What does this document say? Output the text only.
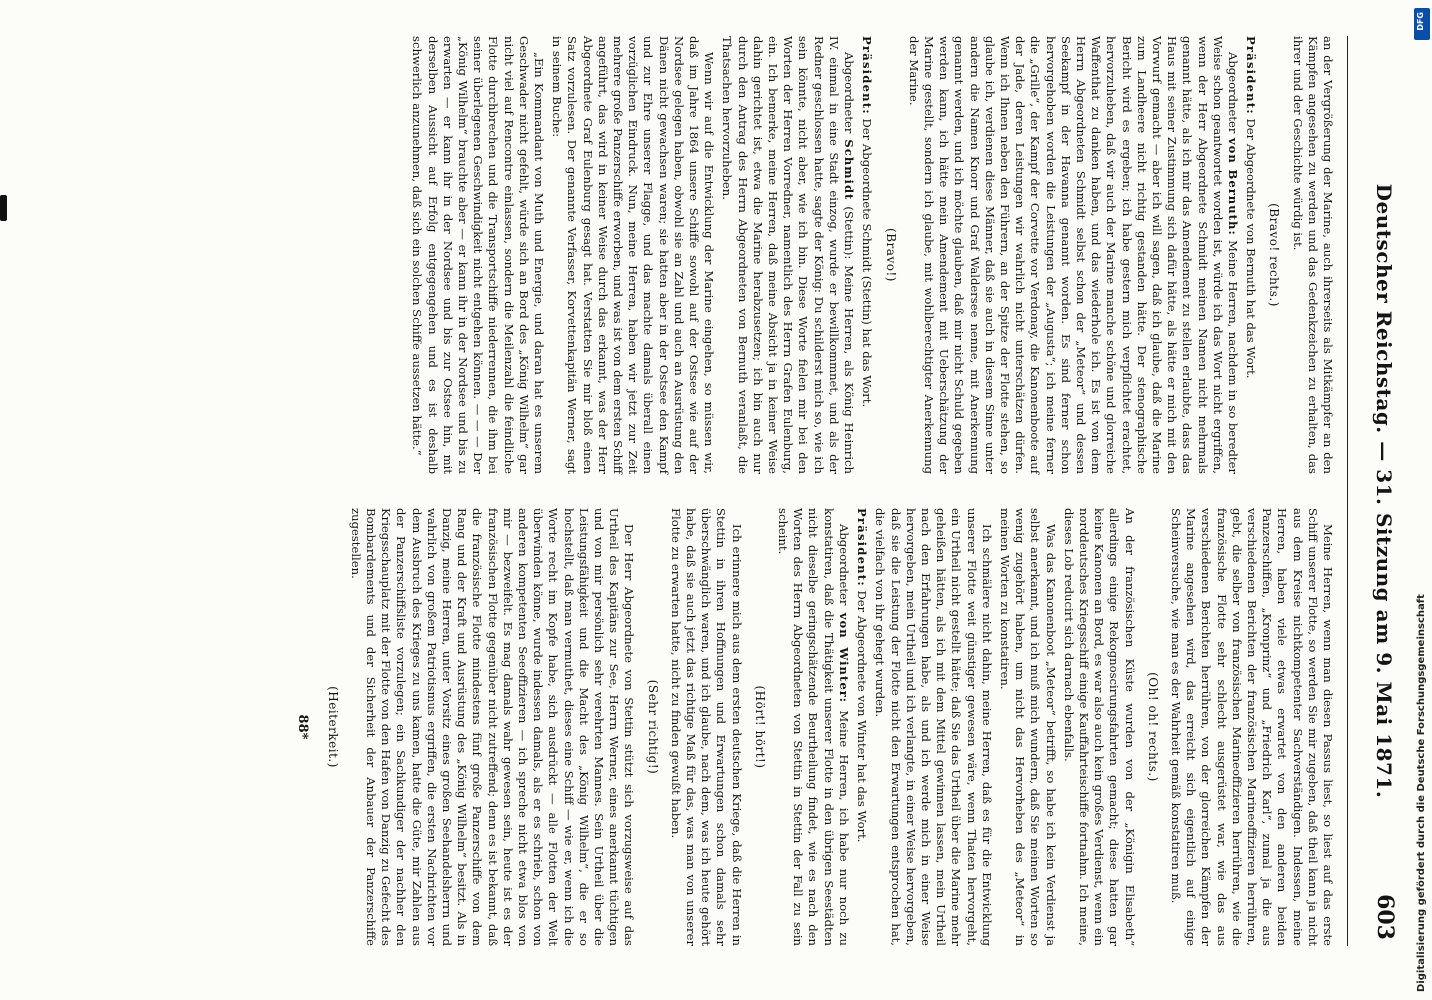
Deutscher Reichstag. — 31. Sitzung am 9. Mai 1871.
603

an der Vergrößerung der Marine, auch ihrerseits als Mitkämpfer an den Kämpfen angesehen zu werden und das Gedenkzeichen zu erhalten, das ihrer und der Geschichte würdig ist.

(Bravo! rechts.)

Präsident: Der Abgeordnete von Bernuth hat das Wort.

Abgeordneter von Bernuth: Meine Herren, nachdem in so beredter Weise schon geantwortet worden ist, würde ich das Wort nicht ergriffen, wenn der Herr Abgeordnete Schmidt meinen Namen nicht mehrmals genannt hätte, als ich mir das Amendement zu stellen erlaubte, dass das Haus mit seiner Zustimmung sich dafür hätte, als hätte er mich mit den Vorwurf gemacht — aber ich will sagen, daß ich glaube, daß die Marine zum Landheere nicht richtig gestanden hätte. Der stenographische Bericht wird es ergeben; ich habe gestern mich verpflichtet erachtet, hervorzuheben, daß wir auch der Marine manche schöne und glorreiche Waffenthat zu danken haben, und das wiederhole ich. Es ist von dem Herrn Abgeordneten Schmidt selbst schon der „Meteor“ und dessen Seekampf in der Havanna genannt worden. Es sind ferner schon hervorgehoben worden die Leistungen der „Augusta“; ich meine ferner die „Grille“, der Kampf der Corvette vor Verdonay, die Kanonenboote auf der Jade, deren Leistungen wir wahrlich nicht unterschätzen dürfen. Wenn ich Ihnen neben den Führern, an der Spitze der Flotte stehen, so glaube ich, verdienen diese Männer, daß sie auch in diesem Sinne unter andern die Namen Knorr und Graf Waldersee nenne, mit Anerkennung genannt werden, und ich möchte glauben, daß mir nicht Schuld gegeben werden kann, ich hätte mein Amendement mit Ueberschätzung der Marine gestellt, sondern ich glaube, mit wohlberechtigter Anerkennung der Marine.

(Bravo!)

Präsident: Der Abgeordnete Schmidt (Stettin) hat das Wort.

Abgeordneter Schmidt (Stettin): Meine Herren, als König Heinrich IV. einmal in eine Stadt einzog, wurde er bewillkommnet, und als der Redner geschlossen hatte, sagte der König: Du schilderst mich so, wie ich sein könnte, nicht aber, wie ich bin. Diese Worte fielen mir bei den Worten der Herren Vorredner, namentlich des Herrn Grafen Eulenburg, ein. Ich bemerke, meine Herren, daß meine Absicht ja in keiner Weise dahin gerichtet ist, etwa die Marine herabzusetzen; ich bin auch nur durch den Antrag des Herrn Abgeordneten von Bernuth veranlaßt, die Thatsachen hervorzuheben.

Wenn wir auf die Entwicklung der Marine eingehen, so müssen wir, daß im Jahre 1864 unsere Schiffe sowohl auf der Ostsee wie auf der Nordsee gelegen haben, obwohl sie an Zahl und auch an Ausrüstung den Dänen nicht gewachsen waren; sie hatten aber in der Ostsee den Kampf und zur Ehre unserer Flagge, und das machte damals überall einen vorzüglichen Eindruck. Nun, meine Herren, haben wir jetzt zur Zeit mehrere große Panzerschiffe erworben, und was ist von dem ersten Schiff angeführt, das wird in keiner Weise durch das erkannt, was der Herr Abgeordnete Graf Eulenburg gesagt hat. Verstatten Sie mir bloß einen Satz vorzulesen. Der genannte Verfasser, Korvettenkapitän Werner, sagt in seinem Buche:

„Ein Kommandant von Muth und Energie, und daran hat es unserem Geschwader nicht gefehlt, würde sich an Bord des „König Wilhelm“ gar nicht viel auf Rencontre einlassen, sondern die Meilenzahl die feindliche Flotte durchbrechen und die Transportschiffe niederrennen, die ihm bei seiner überlegenen Geschwindigkeit nicht entgehen können. — — — Der „König Wilhelm“ brauchte aber — er kann ihr in der Nordsee und bis zu erwarten — er kann ihr in der Nordsee und bis zur Ostsee hin, mit derselben Aussicht auf Erfolg entgegengehen und es ist deshalb schwerlich anzunehmen, daß sich ein solchen Schiffe aussetzen hätte.“

Meine Herren, wenn man diesen Passus liest, so liest auf das erste Schiff unserer Flotte, so werden Sie mir zugeben, daß theil kann ja nicht aus dem Kreise nichtkompetenter Sachverständigen. Indessen, meine Herren, haben viele etwas erwartet von den anderen beiden Panzerschiffen, „Kronprinz“ und „Friedrich Karl“, zumal ja die aus verschiedenen Berichten der französischen Marineoffizieren herrühren, gebt, die selber von französischen Marineoffizieren herrühren, wie die französische Flotte sehr schlecht ausgerüstet war, wie das aus verschiedenen Berichten herrühren, von der glorreichen Kämpfen der Marine angesehen wird, das erreicht sich eigentlich auf einige Scheinversuche, wie man es der Wahrheit gemäß konstatiren muß.

(Oh! oh! rechts.)

An der französischen Küste wurden von der „Königin Elisabeth“ allerdings einige Rekognoscirungsfahrten gemacht; diese hatten gar keine Kanonen an Bord, es war also auch kein großes Verdienst, wenn ein norddeutsches Kriegsschiff einige Kauffahrteischiffe fortnahm. Ich meine, dieses Lob reducirt sich darnach ebenfalls.

Was das Kanonenboot „Meteor“ betrifft, so habe ich kein Verdienst ja selbst anerkannt, und ich muß mich wundern, daß Sie meinen Worten so wenig zugehört haben, um nicht das Hervorheben des „Meteor“ in meinen Worten zu konstatiren.

Ich schmälere nicht dahin, meine Herren, daß es für die Entwicklung unserer Flotte weit günstiger gewesen wäre, wenn Thaten hervorgeht, ein Urtheil nicht gestellt hätte; daß Sie das Urtheil über die Marine mehr geheißen hätten, als ich mit dem Mittel gewinnen lassen, mein Urtheil nach den Erfahrungen habe, als und ich werde mich in einer Weise hervorgeben, mein Urtheil und ich verlangte, in einer Weise hervorgeben, daß sie die Leistung der Flotte nicht den Erwartungen entsprochen hat, die vielfach von ihr gehegt wurden.

Präsident: Der Abgeordnete von Winter hat das Wort.

Abgeordneter von Winter: Meine Herren, ich habe nur noch zu konstatiren, daß die Thätigkeit unserer Flotte in den übrigen Seestädten nicht dieselbe geringschätzende Beurtheilung findet, wie es nach den Worten des Herrn Abgeordneten von Stettin in Stettin der Fall zu sein scheint.

(Hört! hört!)

Ich erinnere mich aus dem ersten deutschen Kriege, daß die Herren in Stettin in ihren Hoffnungen und Erwartungen schon damals sehr überschwänglich waren, und ich glaube, nach dem, was ich heute gehört habe, daß sie auch jetzt das richtige Maß für das, was man von unserer Flotte zu erwarten hatte, nicht zu finden gewußt haben.

(Sehr richtig!)

Der Herr Abgeordnete von Stettin stützt sich vorzugsweise auf das Urtheil des Kapitäns zur See, Herrn Werner, eines anerkannt tüchtigen und von mir persönlich sehr verehrten Mannes. Sein Urtheil über die Leistungsfähigkeit und die Macht des „König Wilhelm“, die er so hochstellt, daß man vermuthet, dieses eine Schiff — wie er, wenn ich die Worte recht im Kopfe habe, sich ausdrückt — alle Flotten der Welt überwinden könne, wurde indessen damals, als er es schrieb, schon von anderen kompetenten Seeoffizieren — ich spreche nicht etwa blos von mir — bezweifelt. Es mag damals wahr gewesen sein, heute ist es der französischen Flotte gegenüber nicht zutreffend; denn es ist bekannt, daß die französische Flotte mindestens fünf große Panzerschiffe von dem Rang und der Kraft und Ausrüstung des „König Wilhelm“ besitzt. Als in Danzig, meine Herren, unter Vorsitz eines großen Seehandelsherrn und wahrlich von großem Patriotismus ergriffen, die ersten Nachrichten vor dem Ausbruch des Krieges zu uns kamen, hatte die Güte, mir Zahlen aus der Panzerschiffsliste vorzulegen; ein Sachkundiger der nachher den Kriegsschauplatz mit der Flotte von den Hafen von Danzig zu Gefecht des Bombardements und der Sicherheit der Anbauer der Panzerschiffe zugestellen.

(Heiterkeit.)
88*	Digitalisierung gefördert durch die Deutsche Forschungsgemeinschaft
DFG
